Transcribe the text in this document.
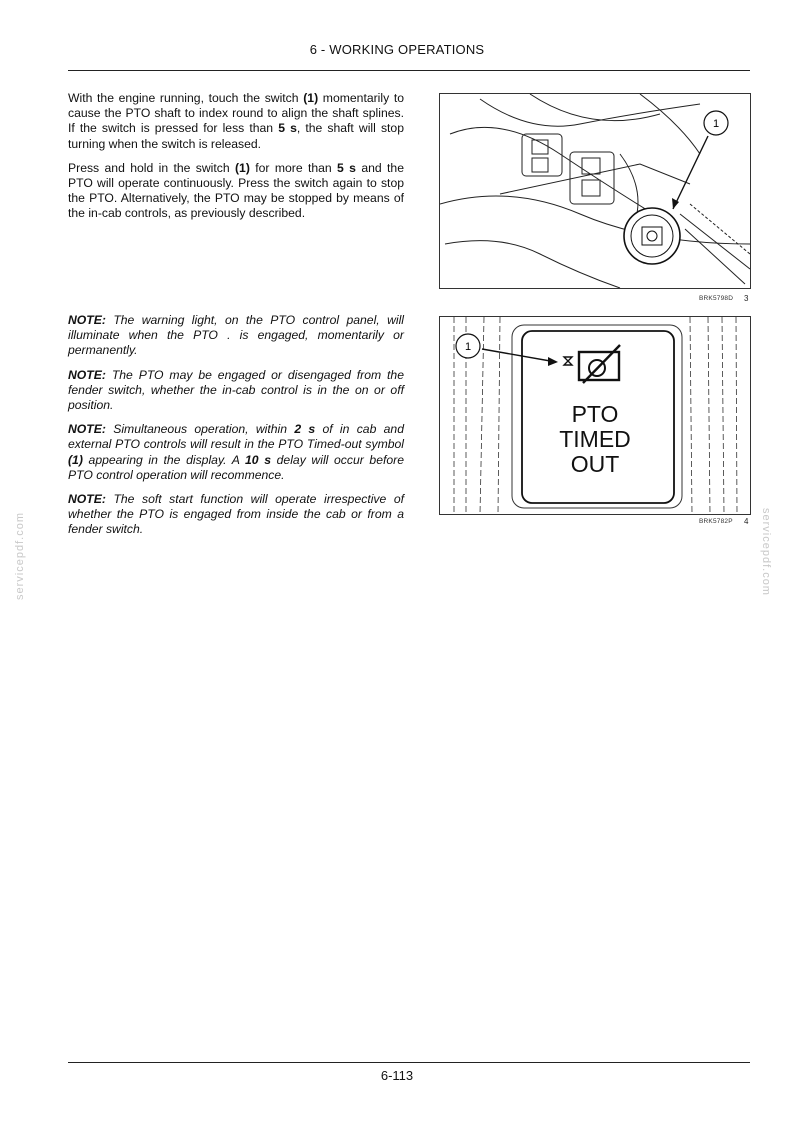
6 - WORKING OPERATIONS

With the engine running, touch the switch (1) momentarily to cause the PTO shaft to index round to align the shaft splines. If the switch is pressed for less than 5 s, the shaft will stop turning when the switch is released.

Press and hold in the switch (1) for more than 5 s and the PTO will operate continuously. Press the switch again to stop the PTO. Alternatively, the PTO may be stopped by means of the in-cab controls, as previously described.

NOTE: The warning light, on the PTO control panel, will illuminate when the PTO . is engaged, momentarily or permanently.

NOTE: The PTO may be engaged or disengaged from the fender switch, whether the in-cab control is in the on or off position.

NOTE: Simultaneous operation, within 2 s of in cab and external PTO controls will result in the PTO Timed-out symbol (1) appearing in the display. A 10 s delay will occur before PTO control operation will recommence.

NOTE: The soft start function will operate irrespective of whether the PTO is engaged from inside the cab or from a fender switch.

1
BRK5798D 3
PTO
TIMED
OUT
1
BRK5782P 4
servicepdf.com	servicepdf.com
6-113
